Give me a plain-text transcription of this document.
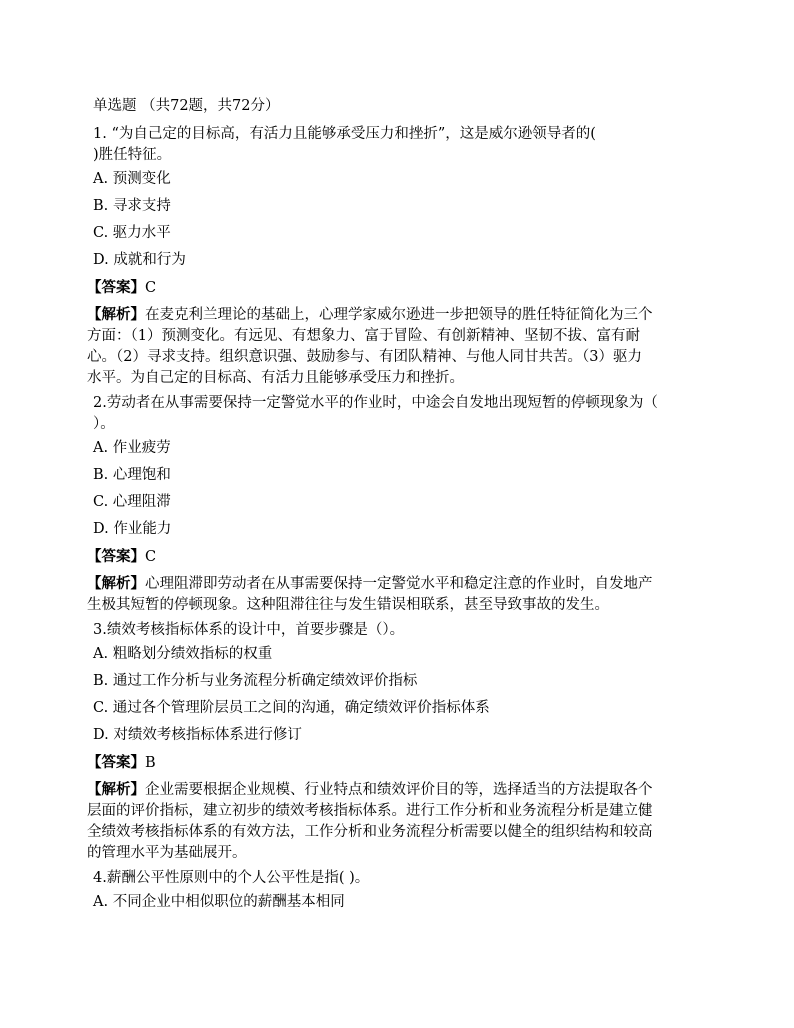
单选题 （共72题，共72分）
1. “为自己定的目标高，有活力且能够承受压力和挫折”，这是威尔逊领导者的(
)胜任特征。
A. 预测变化
B. 寻求支持
C. 驱力水平
D. 成就和行为
【答案】C
【解析】在麦克利兰理论的基础上，心理学家威尔逊进一步把领导的胜任特征简化为三个
方面：（1）预测变化。有远见、有想象力、富于冒险、有创新精神、坚韧不拔、富有耐
心。（2）寻求支持。组织意识强、鼓励参与、有团队精神、与他人同甘共苦。（3）驱力
水平。为自己定的目标高、有活力且能够承受压力和挫折。
2.劳动者在从事需要保持一定警觉水平的作业时，中途会自发地出现短暂的停顿现象为（
）。
A. 作业疲劳
B. 心理饱和
C. 心理阻滞
D. 作业能力
【答案】C
【解析】心理阻滞即劳动者在从事需要保持一定警觉水平和稳定注意的作业时，自发地产
生极其短暂的停顿现象。这种阻滞往往与发生错误相联系，甚至导致事故的发生。
3.绩效考核指标体系的设计中，首要步骤是（）。
A. 粗略划分绩效指标的权重
B. 通过工作分析与业务流程分析确定绩效评价指标
C. 通过各个管理阶层员工之间的沟通，确定绩效评价指标体系
D. 对绩效考核指标体系进行修订
【答案】B
【解析】企业需要根据企业规模、行业特点和绩效评价目的等，选择适当的方法提取各个
层面的评价指标，建立初步的绩效考核指标体系。进行工作分析和业务流程分析是建立健
全绩效考核指标体系的有效方法，工作分析和业务流程分析需要以健全的组织结构和较高
的管理水平为基础展开。
4.薪酬公平性原则中的个人公平性是指( )。
A. 不同企业中相似职位的薪酬基本相同
